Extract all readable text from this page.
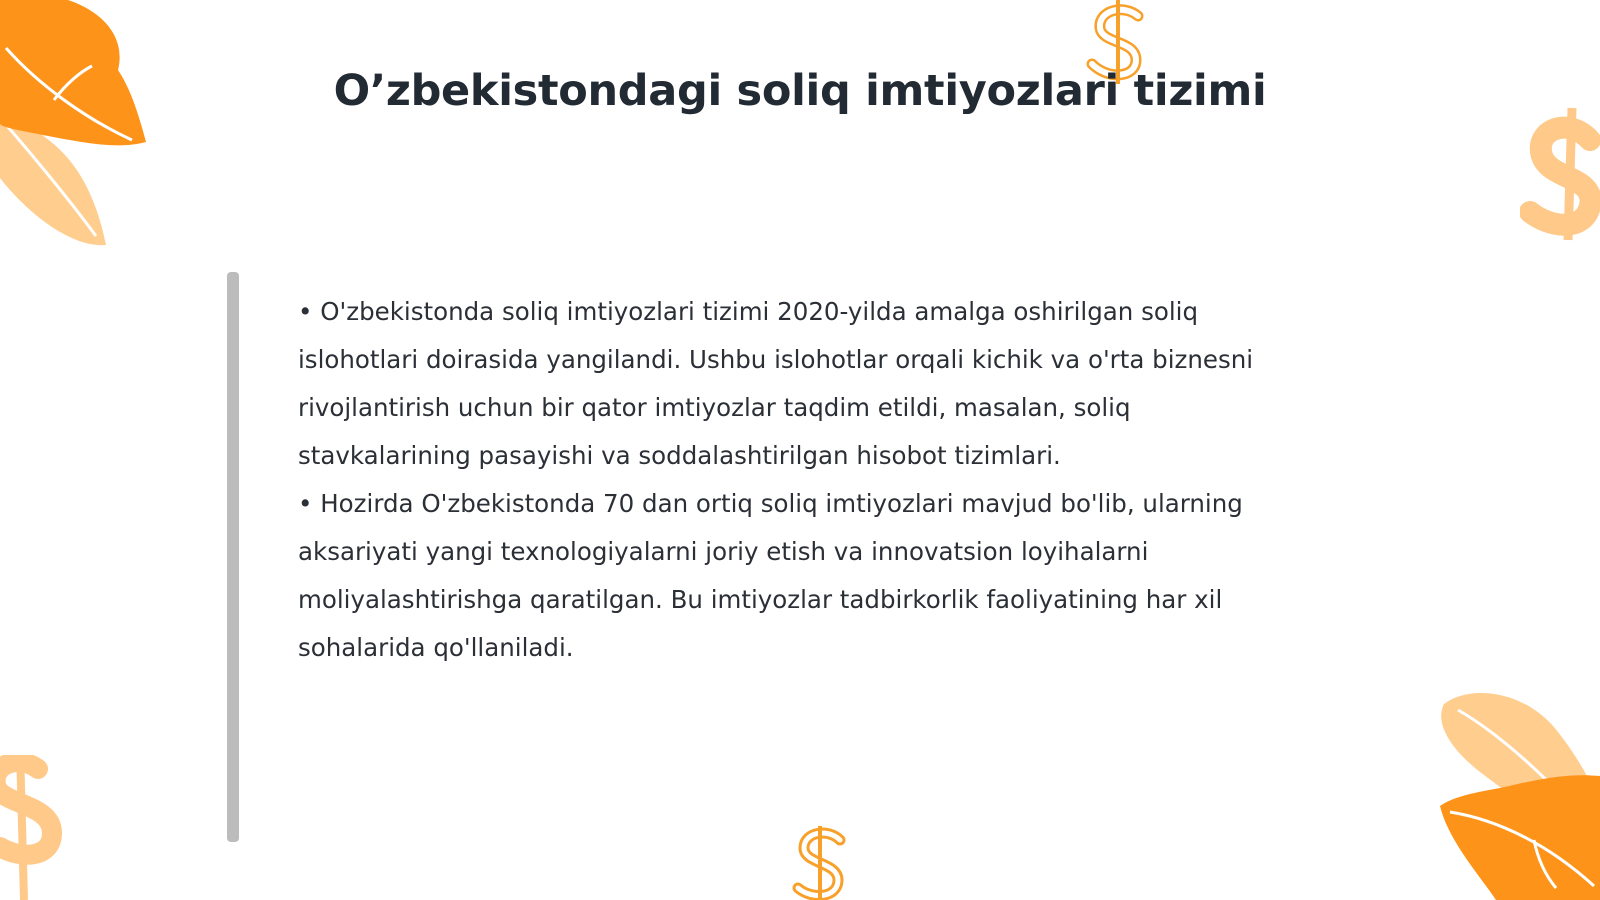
O’zbekistondagi soliq imtiyozlari tizimi

• O'zbekistonda soliq imtiyozlari tizimi 2020-yilda amalga oshirilgan soliq islohotlari doirasida yangilandi. Ushbu islohotlar orqali kichik va o'rta biznesni rivojlantirish uchun bir qator imtiyozlar taqdim etildi, masalan, soliq stavkalarining pasayishi va soddalashtirilgan hisobot tizimlari.

• Hozirda O'zbekistonda 70 dan ortiq soliq imtiyozlari mavjud bo'lib, ularning aksariyati yangi texnologiyalarni joriy etish va innovatsion loyihalarni moliyalashtirishga qaratilgan. Bu imtiyozlar tadbirkorlik faoliyatining har xil sohalarida qo'llaniladi.
